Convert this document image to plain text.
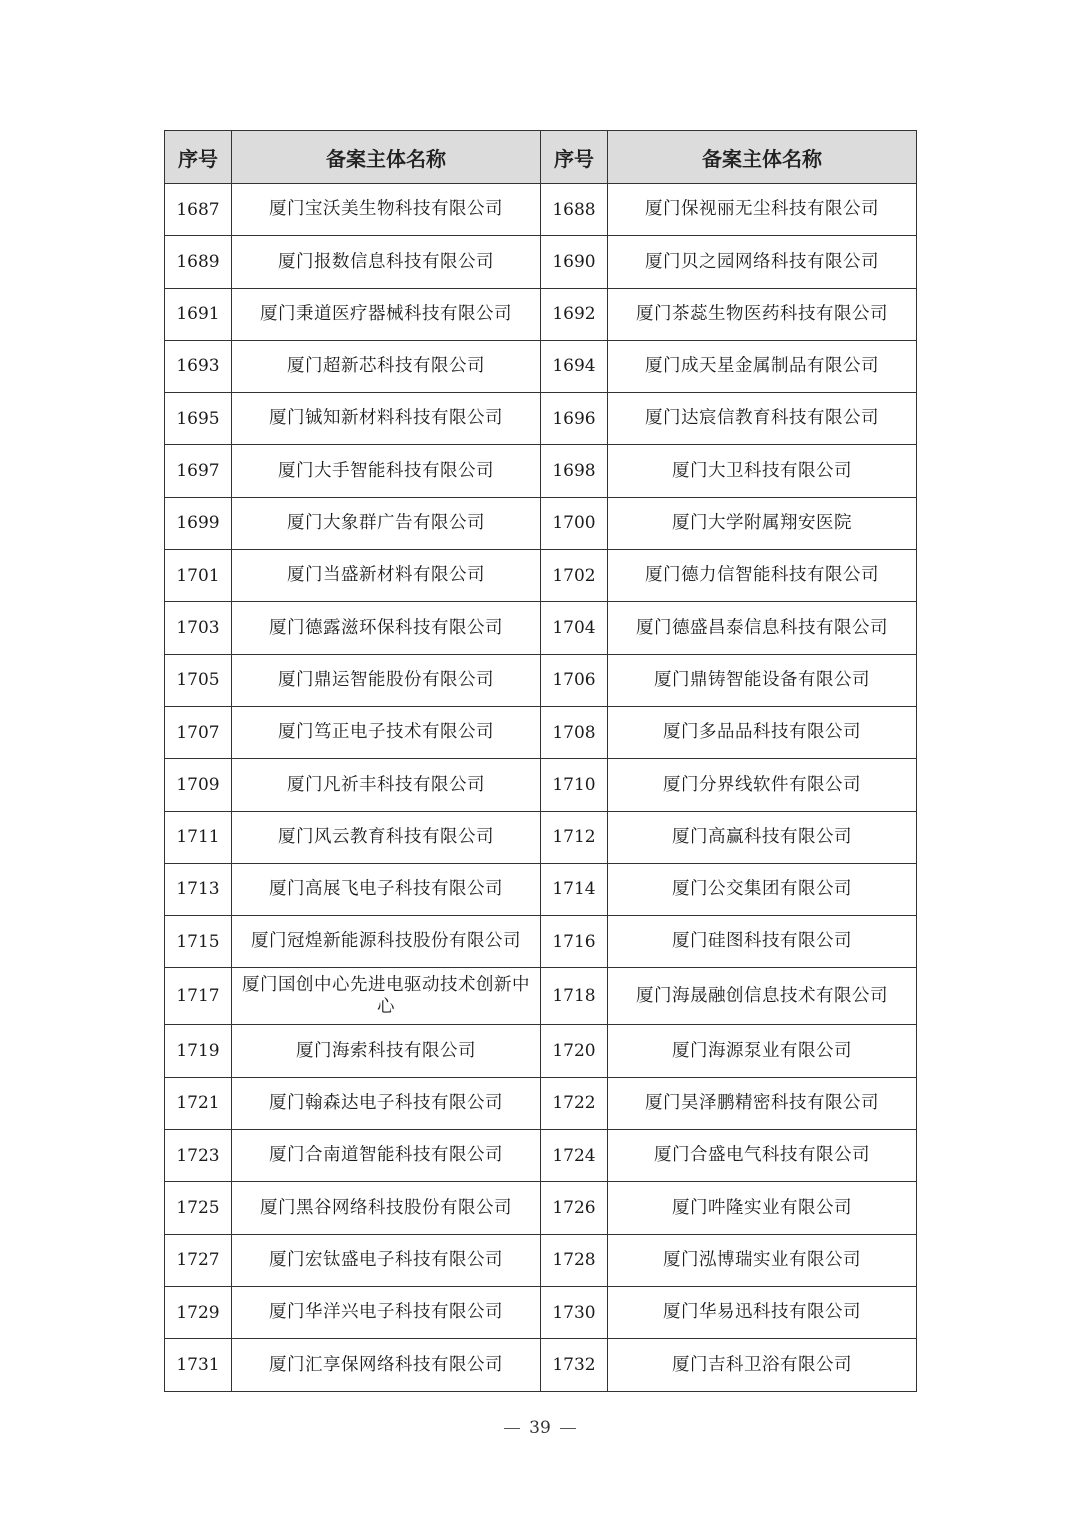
序号	备案主体名称	序号	备案主体名称
1687	厦门宝沃美生物科技有限公司	1688	厦门保视丽无尘科技有限公司
1689	厦门报数信息科技有限公司	1690	厦门贝之园网络科技有限公司
1691	厦门秉道医疗器械科技有限公司	1692	厦门茶蕊生物医药科技有限公司
1693	厦门超新芯科技有限公司	1694	厦门成天星金属制品有限公司
1695	厦门铖知新材料科技有限公司	1696	厦门达宸信教育科技有限公司
1697	厦门大手智能科技有限公司	1698	厦门大卫科技有限公司
1699	厦门大象群广告有限公司	1700	厦门大学附属翔安医院
1701	厦门当盛新材料有限公司	1702	厦门德力信智能科技有限公司
1703	厦门德露滋环保科技有限公司	1704	厦门德盛昌泰信息科技有限公司
1705	厦门鼎运智能股份有限公司	1706	厦门鼎铸智能设备有限公司
1707	厦门笃正电子技术有限公司	1708	厦门多品品科技有限公司
1709	厦门凡祈丰科技有限公司	1710	厦门分界线软件有限公司
1711	厦门风云教育科技有限公司	1712	厦门高赢科技有限公司
1713	厦门高展飞电子科技有限公司	1714	厦门公交集团有限公司
1715	厦门冠煌新能源科技股份有限公司	1716	厦门硅图科技有限公司
1717	厦门国创中心先进电驱动技术创新中心	1718	厦门海晟融创信息技术有限公司
1719	厦门海索科技有限公司	1720	厦门海源泵业有限公司
1721	厦门翰森达电子科技有限公司	1722	厦门昊泽鹏精密科技有限公司
1723	厦门合南道智能科技有限公司	1724	厦门合盛电气科技有限公司
1725	厦门黑谷网络科技股份有限公司	1726	厦门吽隆实业有限公司
1727	厦门宏钛盛电子科技有限公司	1728	厦门泓博瑞实业有限公司
1729	厦门华洋兴电子科技有限公司	1730	厦门华易迅科技有限公司
1731	厦门汇享保网络科技有限公司	1732	厦门吉科卫浴有限公司
39
